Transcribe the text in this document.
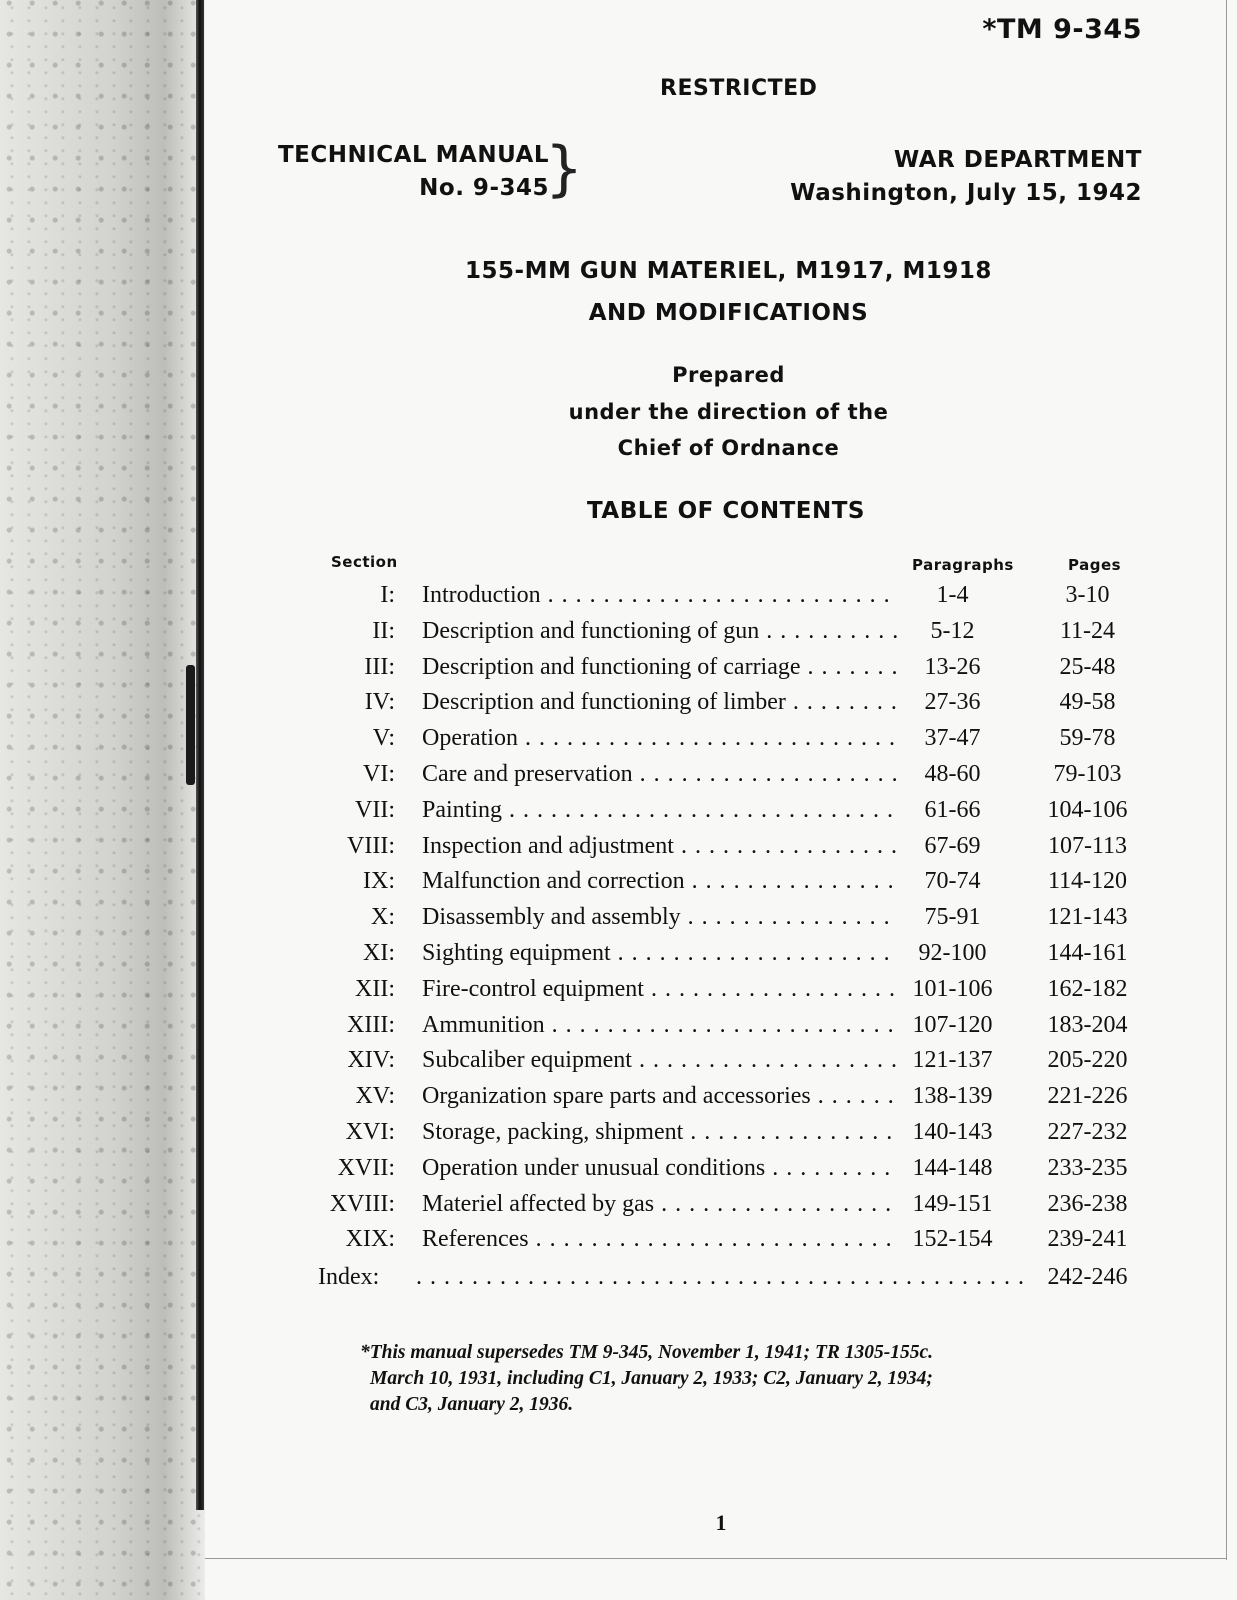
*TM 9-345
RESTRICTED
TECHNICAL MANUAL
No. 9-345
}	WAR DEPARTMENT
Washington, July 15, 1942
155-MM GUN MATERIEL, M1917, M1918
AND MODIFICATIONS
Prepared
under the direction of the
Chief of Ordnance
TABLE OF CONTENTS
Section	Paragraphs	Pages
I: Introduction . . .	1-4	3-10
II: Description and functioning of gun . . .	5-12	11-24
III: Description and functioning of carriage . . .	13-26	25-48
IV: Description and functioning of limber . . .	27-36	49-58
V: Operation . . .	37-47	59-78
VI: Care and preservation . . .	48-60	79-103
VII: Painting . . .	61-66	104-106
VIII: Inspection and adjustment . . .	67-69	107-113
IX: Malfunction and correction . . .	70-74	114-120
X: Disassembly and assembly . . .	75-91	121-143
XI: Sighting equipment . . .	92-100	144-161
XII: Fire-control equipment . . .	101-106	162-182
XIII: Ammunition . . .	107-120	183-204
XIV: Subcaliber equipment . . .	121-137	205-220
XV: Organization spare parts and accessories . . .	138-139	221-226
XVI: Storage, packing, shipment . . .	140-143	227-232
XVII: Operation under unusual conditions . . .	144-148	233-235
XVIII: Materiel affected by gas . . .	149-151	236-238
XIX: References . . .	152-154	239-241
Index:
. . .	242-246
*This manual supersedes TM 9-345, November 1, 1941; TR 1305-155c.
March 10, 1931, including C1, January 2, 1933; C2, January 2, 1934;
and C3, January 2, 1936.
1
